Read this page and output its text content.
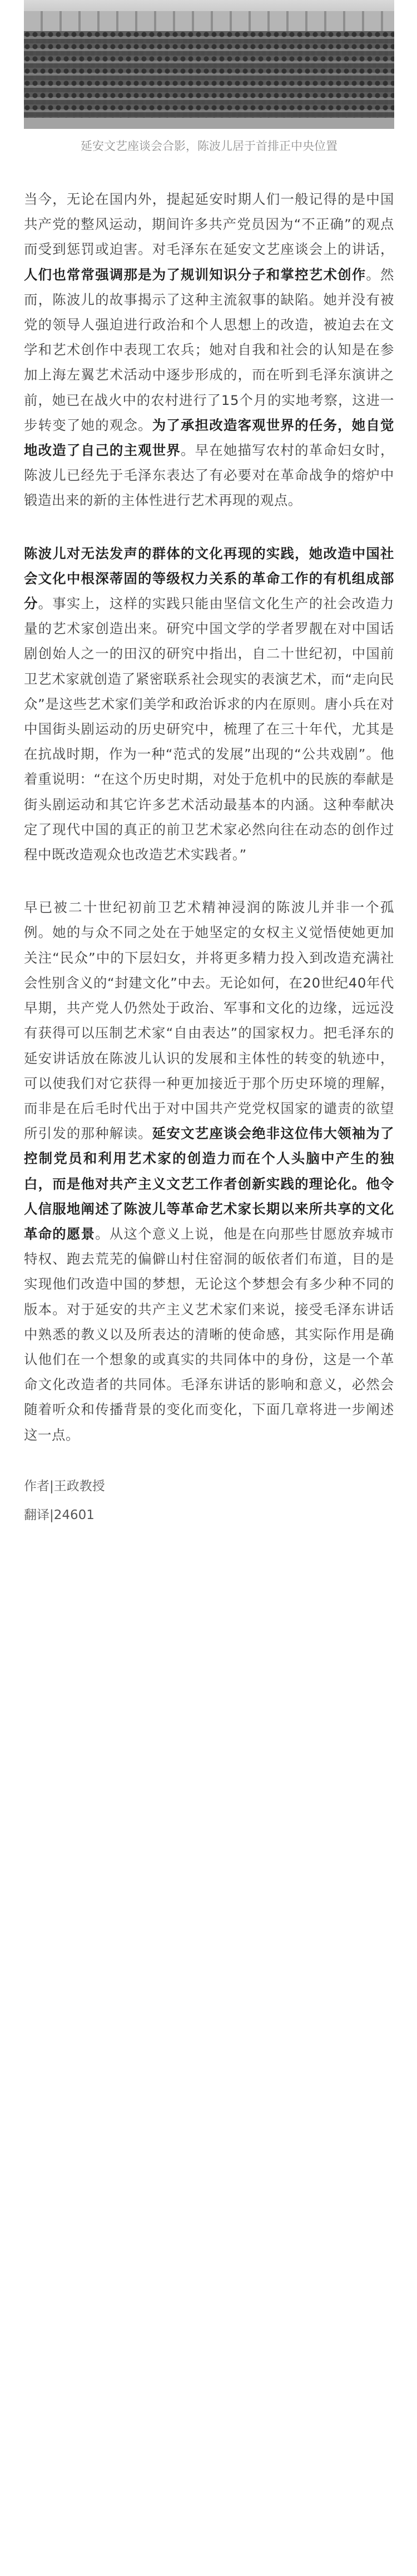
延安文艺座谈会合影，陈波儿居于首排正中央位置

当今，无论在国内外，提起延安时期人们一般记得的是中国共产党的整风运动，期间许多共产党员因为“不正确”的观点而受到惩罚或迫害。对毛泽东在延安文艺座谈会上的讲话，人们也常常强调那是为了规训知识分子和掌控艺术创作。然而，陈波儿的故事揭示了这种主流叙事的缺陷。她并没有被党的领导人强迫进行政治和个人思想上的改造，被迫去在文学和艺术创作中表现工农兵；她对自我和社会的认知是在参加上海左翼艺术活动中逐步形成的，而在听到毛泽东演讲之前，她已在战火中的农村进行了15个月的实地考察，这进一步转变了她的观念。为了承担改造客观世界的任务，她自觉地改造了自己的主观世界。早在她描写农村的革命妇女时，陈波儿已经先于毛泽东表达了有必要对在革命战争的熔炉中锻造出来的新的主体性进行艺术再现的观点。

陈波儿对无法发声的群体的文化再现的实践，她改造中国社会文化中根深蒂固的等级权力关系的革命工作的有机组成部分。事实上，这样的实践只能由坚信文化生产的社会改造力量的艺术家创造出来。研究中国文学的学者罗靓在对中国话剧创始人之一的田汉的研究中指出，自二十世纪初，中国前卫艺术家就创造了紧密联系社会现实的表演艺术，而“走向民众”是这些艺术家们美学和政治诉求的内在原则。唐小兵在对中国街头剧运动的历史研究中，梳理了在三十年代，尤其是在抗战时期，作为一种“范式的发展”出现的“公共戏剧”。他着重说明：“在这个历史时期，对处于危机中的民族的奉献是街头剧运动和其它许多艺术活动最基本的内涵。这种奉献决定了现代中国的真正的前卫艺术家必然向往在动态的创作过程中既改造观众也改造艺术实践者。”

早已被二十世纪初前卫艺术精神浸润的陈波儿并非一个孤例。她的与众不同之处在于她坚定的女权主义觉悟使她更加关注“民众”中的下层妇女，并将更多精力投入到改造充满社会性别含义的“封建文化”中去。无论如何，在20世纪40年代早期，共产党人仍然处于政治、军事和文化的边缘，远远没有获得可以压制艺术家“自由表达”的国家权力。把毛泽东的延安讲话放在陈波儿认识的发展和主体性的转变的轨迹中，可以使我们对它获得一种更加接近于那个历史环境的理解，而非是在后毛时代出于对中国共产党党权国家的谴责的欲望所引发的那种解读。延安文艺座谈会绝非这位伟大领袖为了控制党员和利用艺术家的创造力而在个人头脑中产生的独白，而是他对共产主义文艺工作者创新实践的理论化。他令人信服地阐述了陈波儿等革命艺术家长期以来所共享的文化革命的愿景。从这个意义上说，他是在向那些甘愿放弃城市特权、跑去荒芜的偏僻山村住窑洞的皈依者们布道，目的是实现他们改造中国的梦想，无论这个梦想会有多少种不同的版本。对于延安的共产主义艺术家们来说，接受毛泽东讲话中熟悉的教义以及所表达的清晰的使命感，其实际作用是确认他们在一个想象的或真实的共同体中的身份，这是一个革命文化改造者的共同体。毛泽东讲话的影响和意义，必然会随着听众和传播背景的变化而变化，下面几章将进一步阐述这一点。

作者|王政教授
翻译|24601
